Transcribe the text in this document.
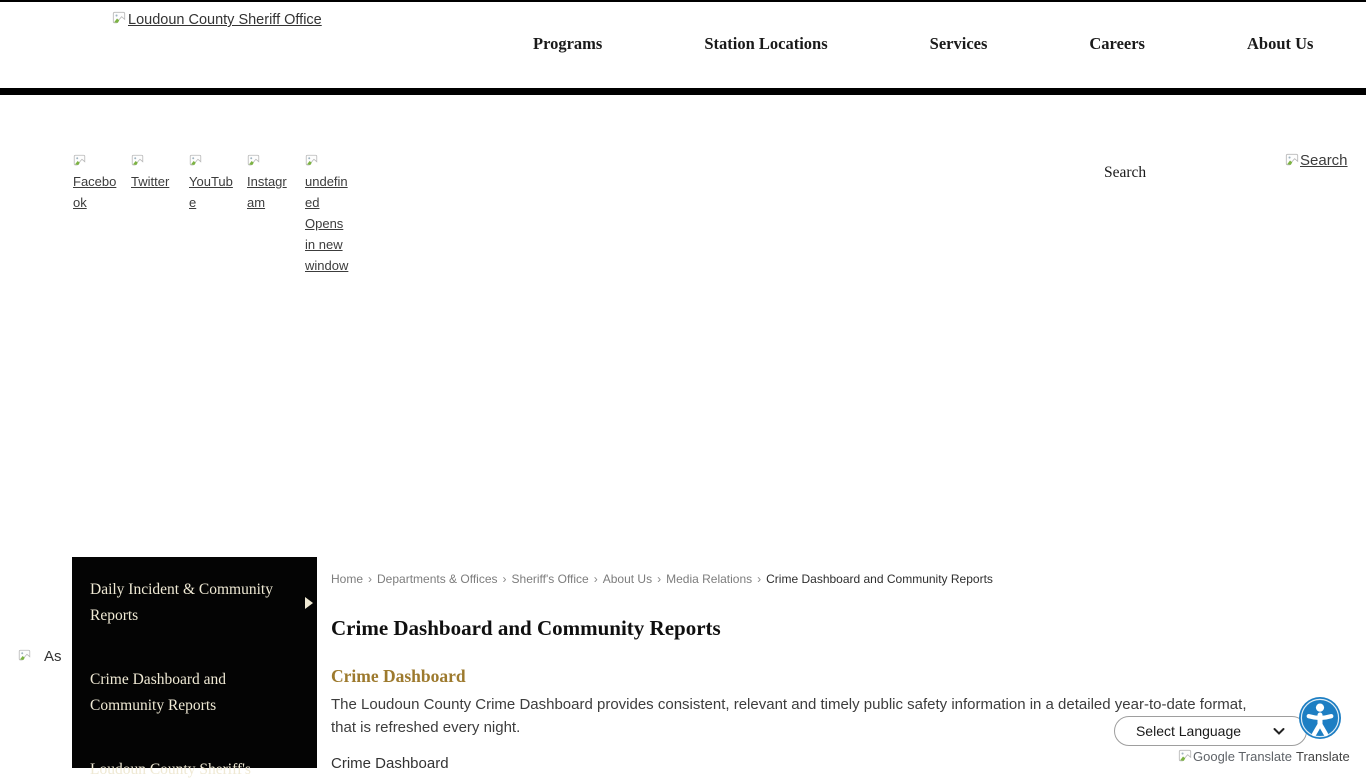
Loudoun County Sheriff Office
Programs	Station Locations	Services	Careers	About Us
Facebook
Twitter	YouTube
Instagram
undefined Opens in new window
Search
Search
As
Daily Incident & Community Reports
Crime Dashboard and Community Reports
Loudoun County Sheriff's
Home › Departments & Offices › Sheriff's Office › About Us › Media Relations › Crime Dashboard and Community Reports
Crime Dashboard and Community Reports
Crime Dashboard

The Loudoun County Crime Dashboard provides consistent, relevant and timely public safety information in a detailed year-to-date format, that is refreshed every night.

Crime Dashboard
Select Language
Google Translate Translate
